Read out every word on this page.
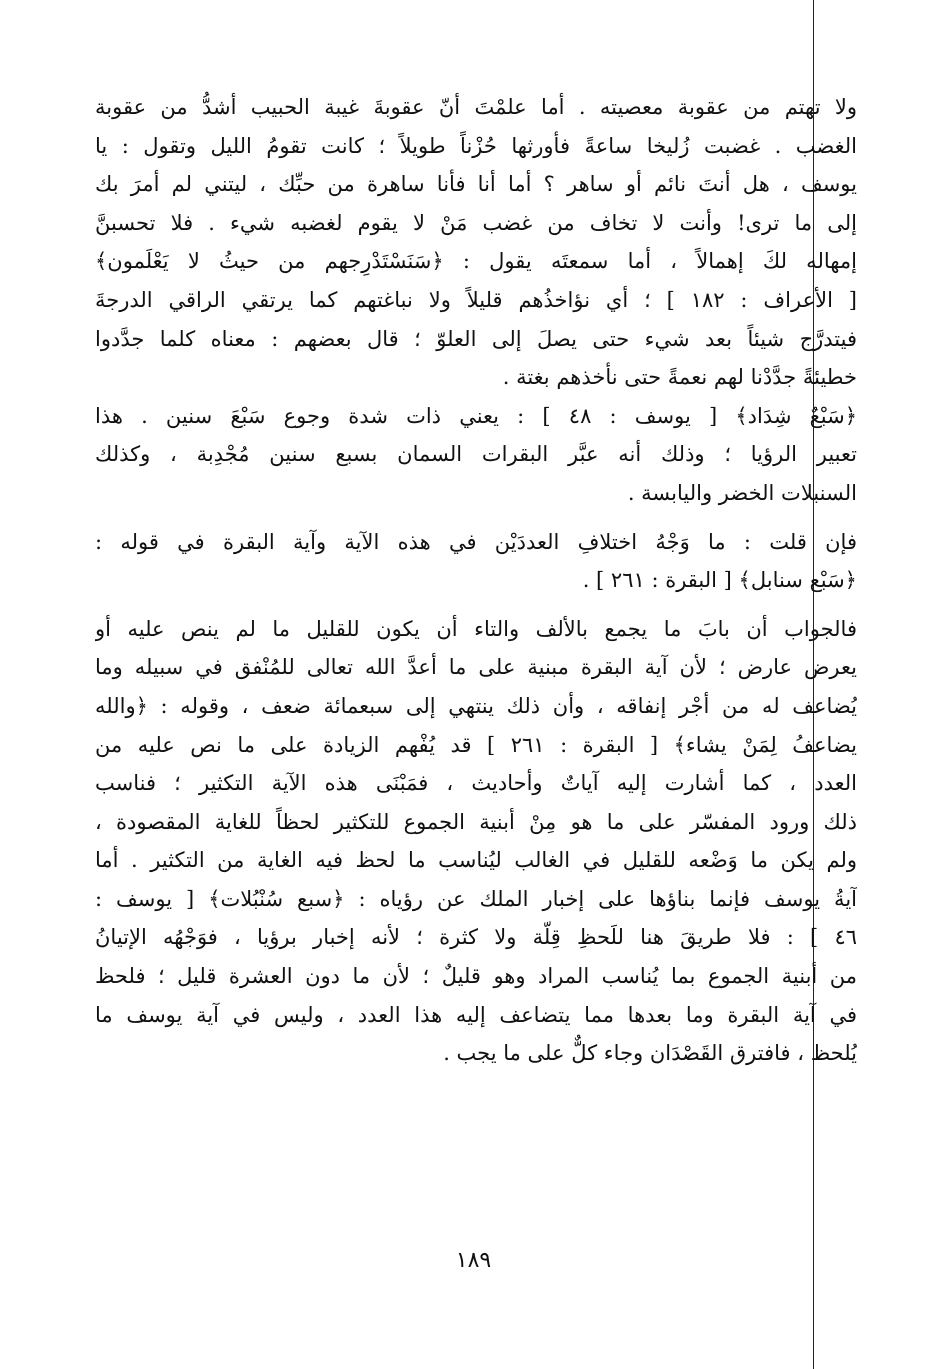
ولا تهتم من عقوبة معصيته . أما علمْتَ أنّ عقوبةَ غيبة الحبيب أشدُّ من عقوبة
الغضب . غضبت زُليخا ساعةً فأورثها حُزْناً طويلاً ؛ كانت تقومُ الليل وتقول : يا
يوسف ، هل أنتَ نائم أو ساهر ؟ أما أنا فأنا ساهرة من حبِّك ، ليتني لم أمرَ بك
إلى ما ترى! وأنت لا تخاف من غضب مَنْ لا يقوم لغضبه شيء . فلا تحسبنَّ
إمهاله لكَ إهمالاً ، أما سمعتَه يقول : ﴿سَنَسْتَدْرِجهم من حيثُ لا يَعْلَمون﴾
[ الأعراف : ١٨٢ ] ؛ أي نؤاخذُهم قليلاً ولا نباغتهم كما يرتقي الراقي الدرجةَ
فيتدرَّج شيئاً بعد شيء حتى يصلَ إلى العلوّ ؛ قال بعضهم : معناه كلما جدَّدوا
خطيئةً جدَّدْنا لهم نعمةً حتى نأخذهم بغتة .
﴿سَبْعٌ شِدَاد﴾ [ يوسف : ٤٨ ] : يعني ذات شدة وجوع سَبْعَ سنين . هذا
تعبير الرؤيا ؛ وذلك أنه عبَّر البقرات السمان بسبع سنين مُجْدِبة ، وكذلك
السنبلات الخضر واليابسة .
فإن قلت : ما وَجْهُ اختلافِ العددَيْن في هذه الآية وآية البقرة في قوله :
﴿سَبْع سنابل﴾ [ البقرة : ٢٦١ ] .
فالجواب أن بابَ ما يجمع بالألف والتاء أن يكون للقليل ما لم ينص عليه أو
يعرض عارض ؛ لأن آية البقرة مبنية على ما أعدَّ الله تعالى للمُنْفق في سبيله وما
يُضاعف له من أجْر إنفاقه ، وأن ذلك ينتهي إلى سبعمائة ضعف ، وقوله : ﴿والله
يضاعفُ لِمَنْ يشاء﴾ [ البقرة : ٢٦١ ] قد يُفْهم الزيادة على ما نص عليه من
العدد ، كما أشارت إليه آياتٌ وأحاديث ، فمَبْنَى هذه الآية التكثير ؛ فناسب
ذلك ورود المفسّر على ما هو مِنْ أبنية الجموع للتكثير لحظاً للغاية المقصودة ،
ولم يكن ما وَضْعه للقليل في الغالب ليُناسب ما لحظ فيه الغاية من التكثير . أما
آيةُ يوسف فإنما بناؤها على إخبار الملك عن رؤياه : ﴿سبع سُنْبُلات﴾ [ يوسف :
٤٦ ] : فلا طريقَ هنا للَحظِ قِلّة ولا كثرة ؛ لأنه إخبار برؤيا ، فوَجْهُه الإتيانُ
من أبنية الجموع بما يُناسب المراد وهو قليلٌ ؛ لأن ما دون العشرة قليل ؛ فلحظ
في آية البقرة وما بعدها مما يتضاعف إليه هذا العدد ، وليس في آية يوسف ما
يُلحظ ، فافترق القَصْدَان وجاء كلٌّ على ما يجب .
١٨٩
